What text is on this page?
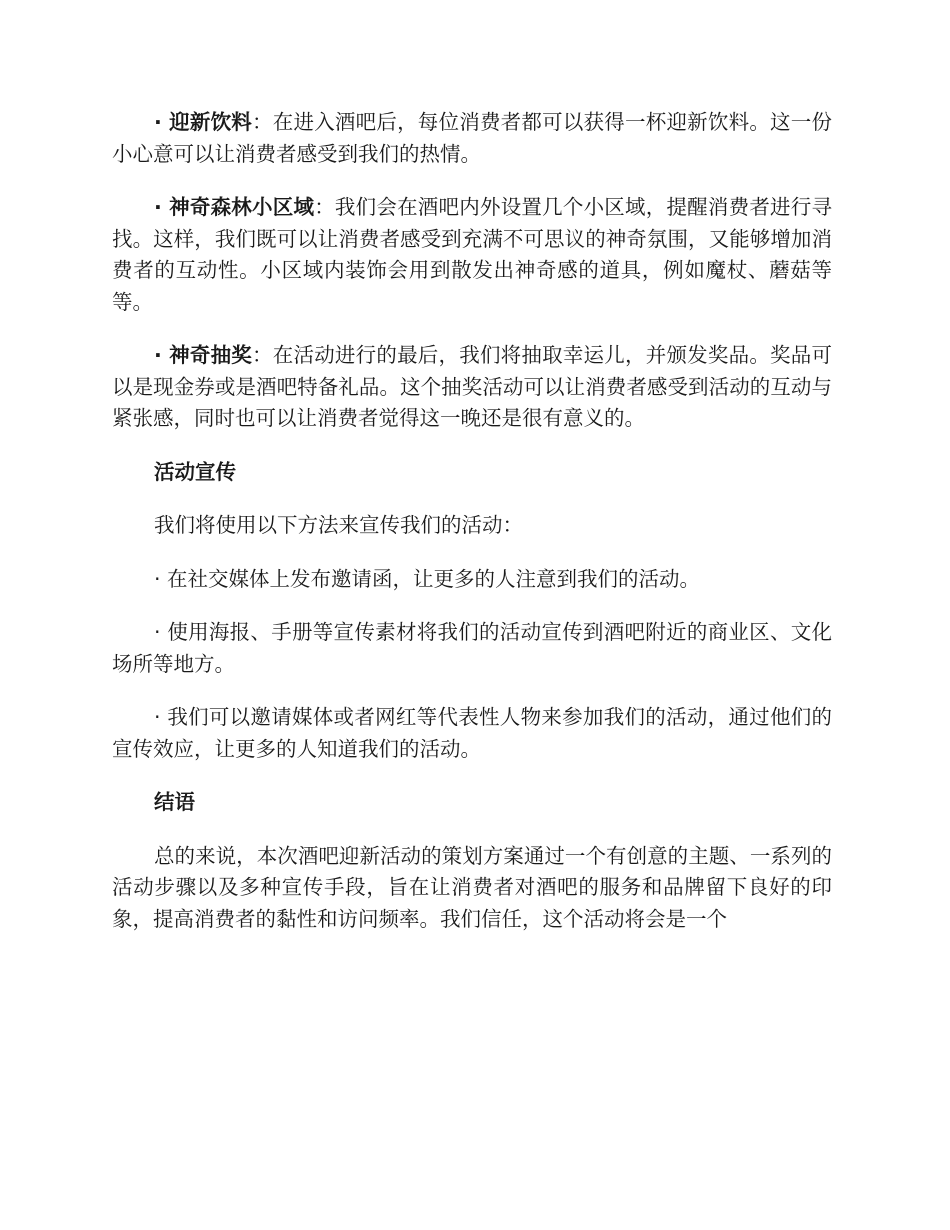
· 迎新饮料：在进入酒吧后，每位消费者都可以获得一杯迎新饮料。这一份小心意可以让消费者感受到我们的热情。

· 神奇森林小区域：我们会在酒吧内外设置几个小区域，提醒消费者进行寻找。这样，我们既可以让消费者感受到充满不可思议的神奇氛围，又能够增加消费者的互动性。小区域内装饰会用到散发出神奇感的道具，例如魔杖、蘑菇等等。

· 神奇抽奖：在活动进行的最后，我们将抽取幸运儿，并颁发奖品。奖品可以是现金券或是酒吧特备礼品。这个抽奖活动可以让消费者感受到活动的互动与紧张感，同时也可以让消费者觉得这一晚还是很有意义的。

活动宣传

我们将使用以下方法来宣传我们的活动：

· 在社交媒体上发布邀请函，让更多的人注意到我们的活动。

· 使用海报、手册等宣传素材将我们的活动宣传到酒吧附近的商业区、文化场所等地方。

· 我们可以邀请媒体或者网红等代表性人物来参加我们的活动，通过他们的宣传效应，让更多的人知道我们的活动。

结语

总的来说，本次酒吧迎新活动的策划方案通过一个有创意的主题、一系列的活动步骤以及多种宣传手段，旨在让消费者对酒吧的服务和品牌留下良好的印象，提高消费者的黏性和访问频率。我们信任，这个活动将会是一个
